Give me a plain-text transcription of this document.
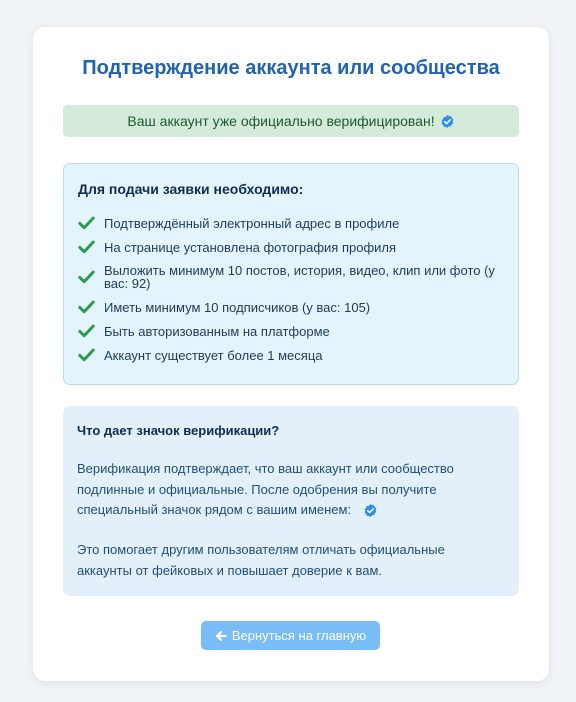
Подтверждение аккаунта или сообщества
Ваш аккаунт уже официально верифицирован!
Для подачи заявки необходимо:
Подтверждённый электронный адрес в профиле
На странице установлена фотография профиля
Выложить минимум 10 постов, история, видео, клип или фото (у вас: 92)
Иметь минимум 10 подписчиков (у вас: 105)
Быть авторизованным на платформе
Аккаунт существует более 1 месяца
Что дает значок верификации?
Верификация подтверждает, что ваш аккаунт или сообщество подлинные и официальные. После одобрения вы получите специальный значок рядом с вашим именем:
Это помогает другим пользователям отличать официальные аккаунты от фейковых и повышает доверие к вам.
Вернуться на главную
